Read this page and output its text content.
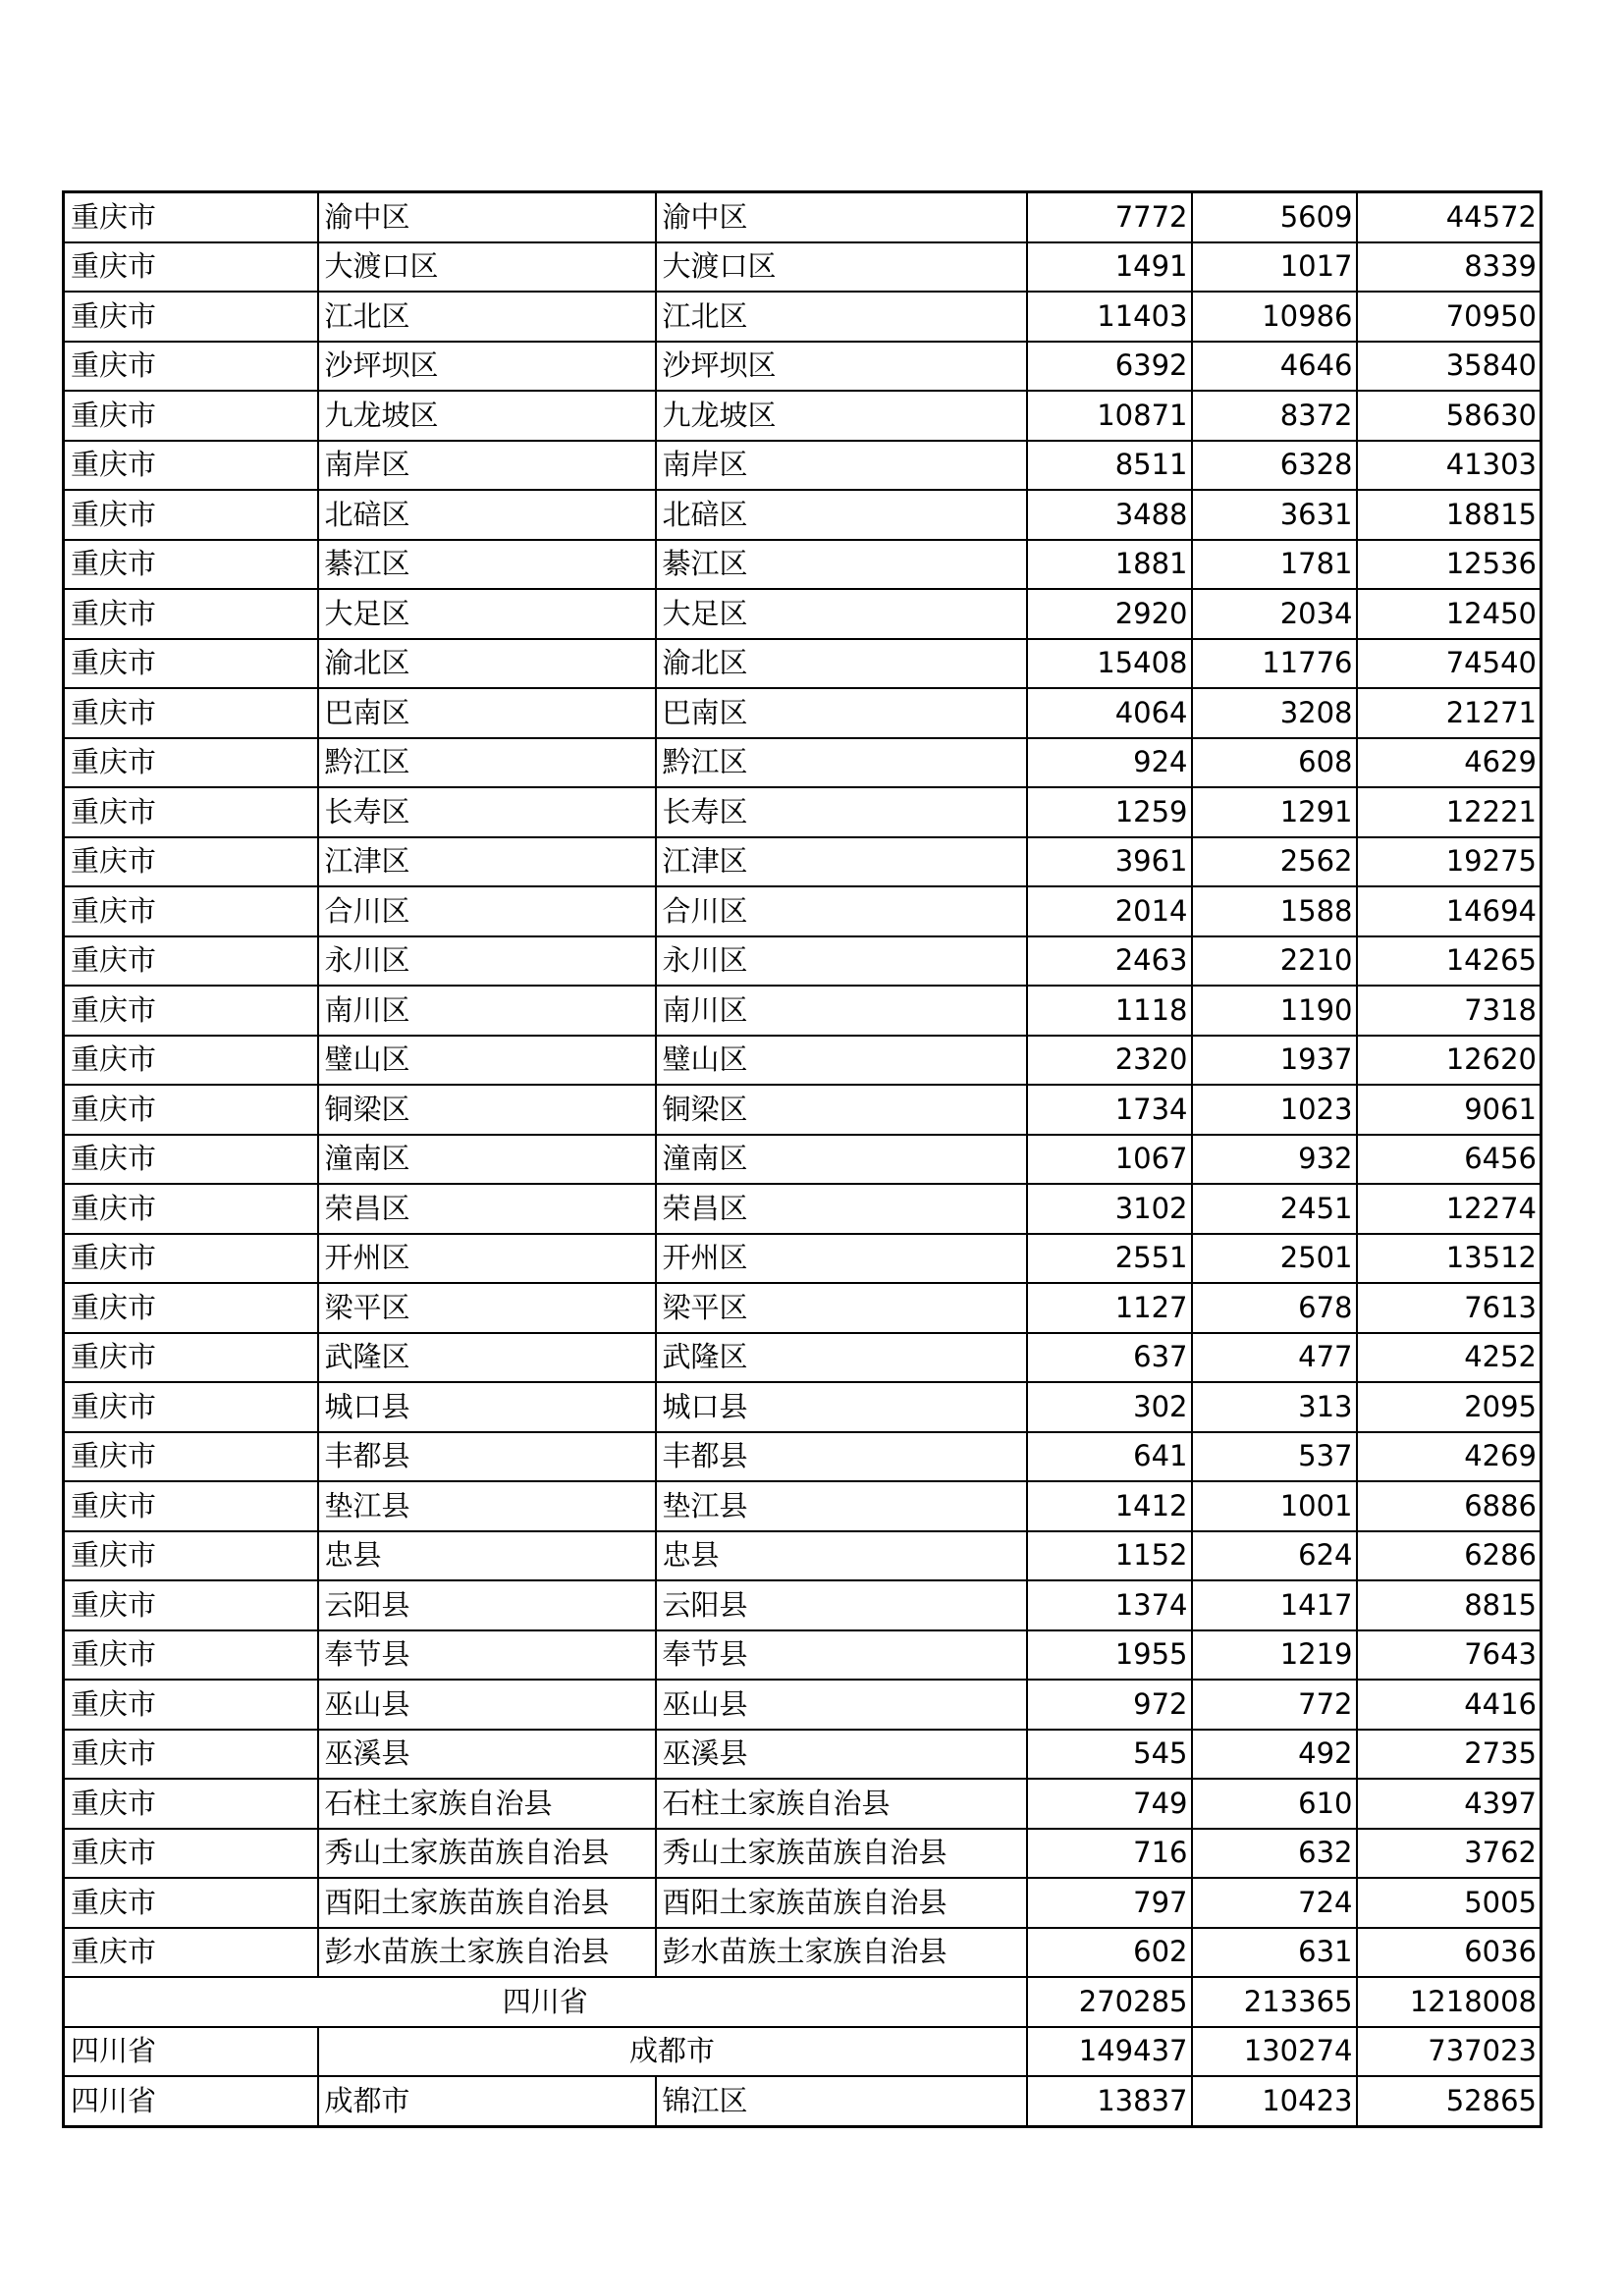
重庆市	渝中区	渝中区	7772	5609	44572
重庆市	大渡口区	大渡口区	1491	1017	8339
重庆市	江北区	江北区	11403	10986	70950
重庆市	沙坪坝区	沙坪坝区	6392	4646	35840
重庆市	九龙坡区	九龙坡区	10871	8372	58630
重庆市	南岸区	南岸区	8511	6328	41303
重庆市	北碚区	北碚区	3488	3631	18815
重庆市	綦江区	綦江区	1881	1781	12536
重庆市	大足区	大足区	2920	2034	12450
重庆市	渝北区	渝北区	15408	11776	74540
重庆市	巴南区	巴南区	4064	3208	21271
重庆市	黔江区	黔江区	924	608	4629
重庆市	长寿区	长寿区	1259	1291	12221
重庆市	江津区	江津区	3961	2562	19275
重庆市	合川区	合川区	2014	1588	14694
重庆市	永川区	永川区	2463	2210	14265
重庆市	南川区	南川区	1118	1190	7318
重庆市	璧山区	璧山区	2320	1937	12620
重庆市	铜梁区	铜梁区	1734	1023	9061
重庆市	潼南区	潼南区	1067	932	6456
重庆市	荣昌区	荣昌区	3102	2451	12274
重庆市	开州区	开州区	2551	2501	13512
重庆市	梁平区	梁平区	1127	678	7613
重庆市	武隆区	武隆区	637	477	4252
重庆市	城口县	城口县	302	313	2095
重庆市	丰都县	丰都县	641	537	4269
重庆市	垫江县	垫江县	1412	1001	6886
重庆市	忠县	忠县	1152	624	6286
重庆市	云阳县	云阳县	1374	1417	8815
重庆市	奉节县	奉节县	1955	1219	7643
重庆市	巫山县	巫山县	972	772	4416
重庆市	巫溪县	巫溪县	545	492	2735
重庆市	石柱土家族自治县	石柱土家族自治县	749	610	4397
重庆市	秀山土家族苗族自治县	秀山土家族苗族自治县	716	632	3762
重庆市	酉阳土家族苗族自治县	酉阳土家族苗族自治县	797	724	5005
重庆市	彭水苗族土家族自治县	彭水苗族土家族自治县	602	631	6036
四川省			270285	213365	1218008
四川省	成都市		149437	130274	737023
四川省	成都市	锦江区	13837	10423	52865
